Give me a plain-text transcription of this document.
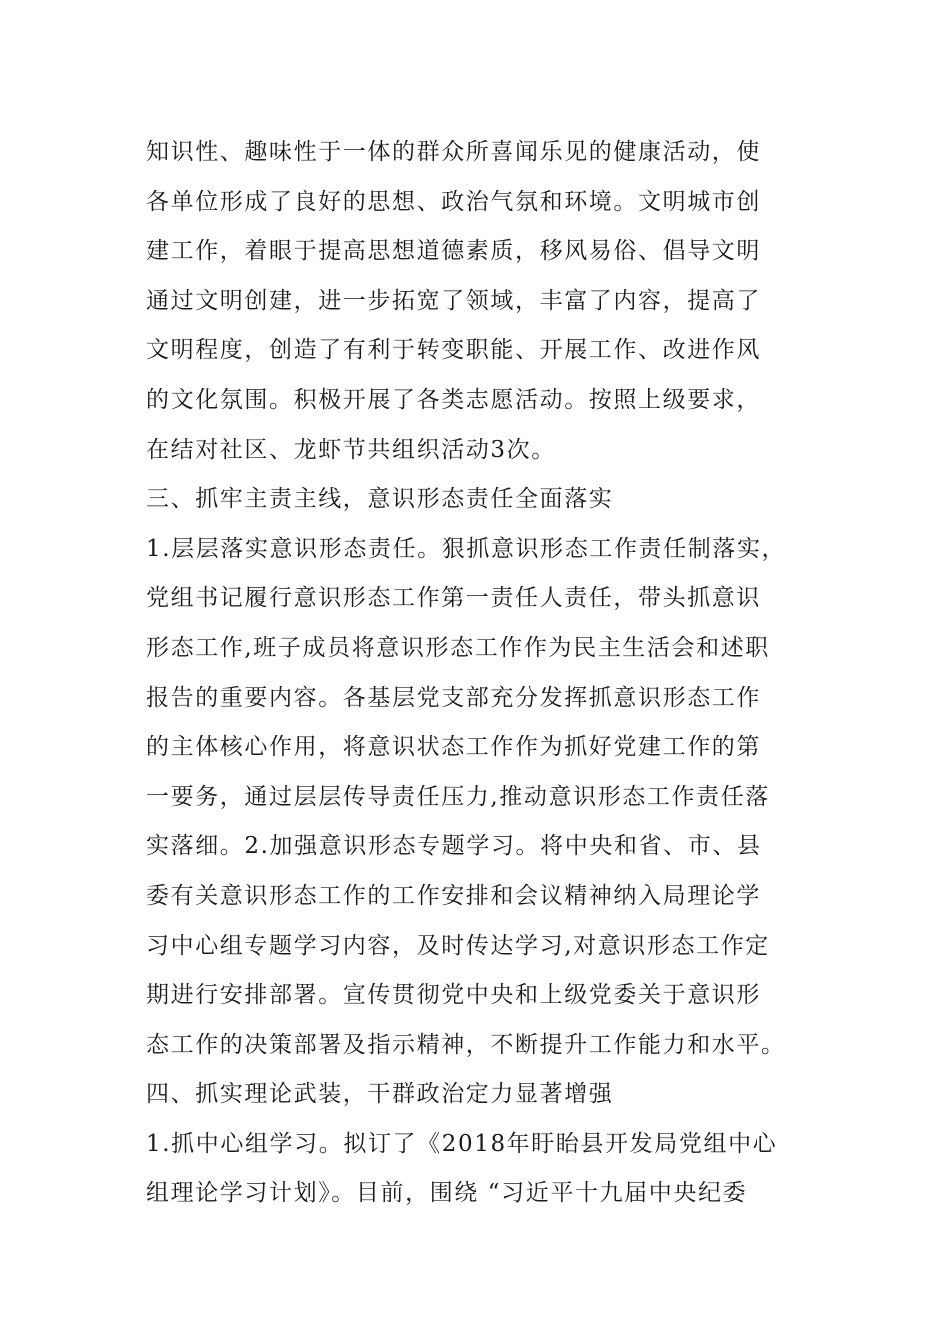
知识性、趣味性于一体的群众所喜闻乐见的健康活动，使
各单位形成了良好的思想、政治气氛和环境。文明城市创
建工作，着眼于提高思想道德素质，移风易俗、倡导文明
通过文明创建，进一步拓宽了领域，丰富了内容，提高了
文明程度，创造了有利于转变职能、开展工作、改进作风
的文化氛围。积极开展了各类志愿活动。按照上级要求，
在结对社区、龙虾节共组织活动3次。
三、抓牢主责主线，意识形态责任全面落实
1.层层落实意识形态责任。狠抓意识形态工作责任制落实，
党组书记履行意识形态工作第一责任人责任，带头抓意识
形态工作,班子成员将意识形态工作作为民主生活会和述职
报告的重要内容。各基层党支部充分发挥抓意识形态工作
的主体核心作用，将意识状态工作作为抓好党建工作的第
一要务，通过层层传导责任压力,推动意识形态工作责任落
实落细。2.加强意识形态专题学习。将中央和省、市、县
委有关意识形态工作的工作安排和会议精神纳入局理论学
习中心组专题学习内容，及时传达学习,对意识形态工作定
期进行安排部署。宣传贯彻党中央和上级党委关于意识形
态工作的决策部署及指示精神，不断提升工作能力和水平。
四、抓实理论武装，干群政治定力显著增强
1.抓中心组学习。拟订了《2018年盱眙县开发局党组中心
组理论学习计划》。目前，围绕 “习近平十九届中央纪委
